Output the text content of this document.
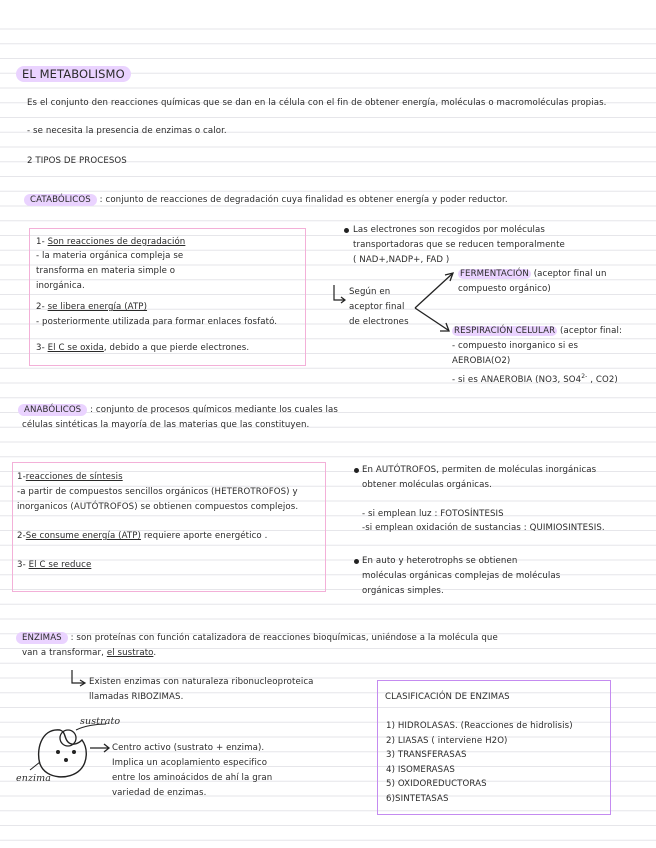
EL METABOLISMO
Es el conjunto den reacciones químicas que se dan en la célula con el fin de obtener energía, moléculas o macromoléculas propias.
- se necesita la presencia de enzimas o calor.
2 TIPOS DE PROCESOS
CATABÓLICOS : conjunto de reacciones de degradación cuya finalidad es obtener energía y poder reductor.
1- Son reacciones de degradación
- la materia orgánica compleja se
transforma en materia simple o
inorgánica.
2- se libera energía (ATP)
- posteriormente utilizada para formar enlaces fosfató.
3- El C se oxida, debido a que pierde electrones.
Las electrones son recogidos por moléculas
transportadoras que se reducen temporalmente
( NAD+,NADP+, FAD )
Según en
aceptor final
de electrones
FERMENTACIÓN (aceptor final un
compuesto orgánico)
RESPIRACIÓN CELULAR (aceptor final:
- compuesto inorganico si es
AEROBIA(O2)
- si es ANAEROBIA (NO3, $SO4^{2-}$ , CO2)
ANABÓLICOS : conjunto de procesos químicos mediante los cuales las
células sintéticas la mayoría de las materias que las constituyen.
1-reacciones de síntesis
-a partir de compuestos sencillos orgánicos (HETEROTROFOS) y
inorganicos (AUTÓTROFOS) se obtienen compuestos complejos.
2-Se consume energía (ATP) requiere aporte energético .
3- El C se reduce
En AUTÓTROFOS, permiten de moléculas inorgánicas
obtener moléculas orgánicas.
- si emplean luz : FOTOSÍNTESIS
-si emplean oxidación de sustancias : QUIMIOSINTESIS.
En auto y heterotrophs se obtienen
moléculas orgánicas complejas de moléculas
orgánicas simples.
ENZIMAS : son proteínas con función catalizadora de reacciones bioquímicas, uniéndose a la molécula que
van a transformar, el sustrato.
Existen enzimas con naturaleza ribonucleoproteica
llamadas RIBOZIMAS.
sustrato
enzima
Centro activo (sustrato + enzima).
Implica un acoplamiento especifico
entre los aminoácidos de ahí la gran
variedad de enzimas.
CLASIFICACIÓN DE ENZIMAS
1) HIDROLASAS. (Reacciones de hidrolisis)
2) LIASAS ( interviene H2O)
3) TRANSFERASAS
4) ISOMERASAS
5) OXIDOREDUCTORAS
6)SINTETASAS
